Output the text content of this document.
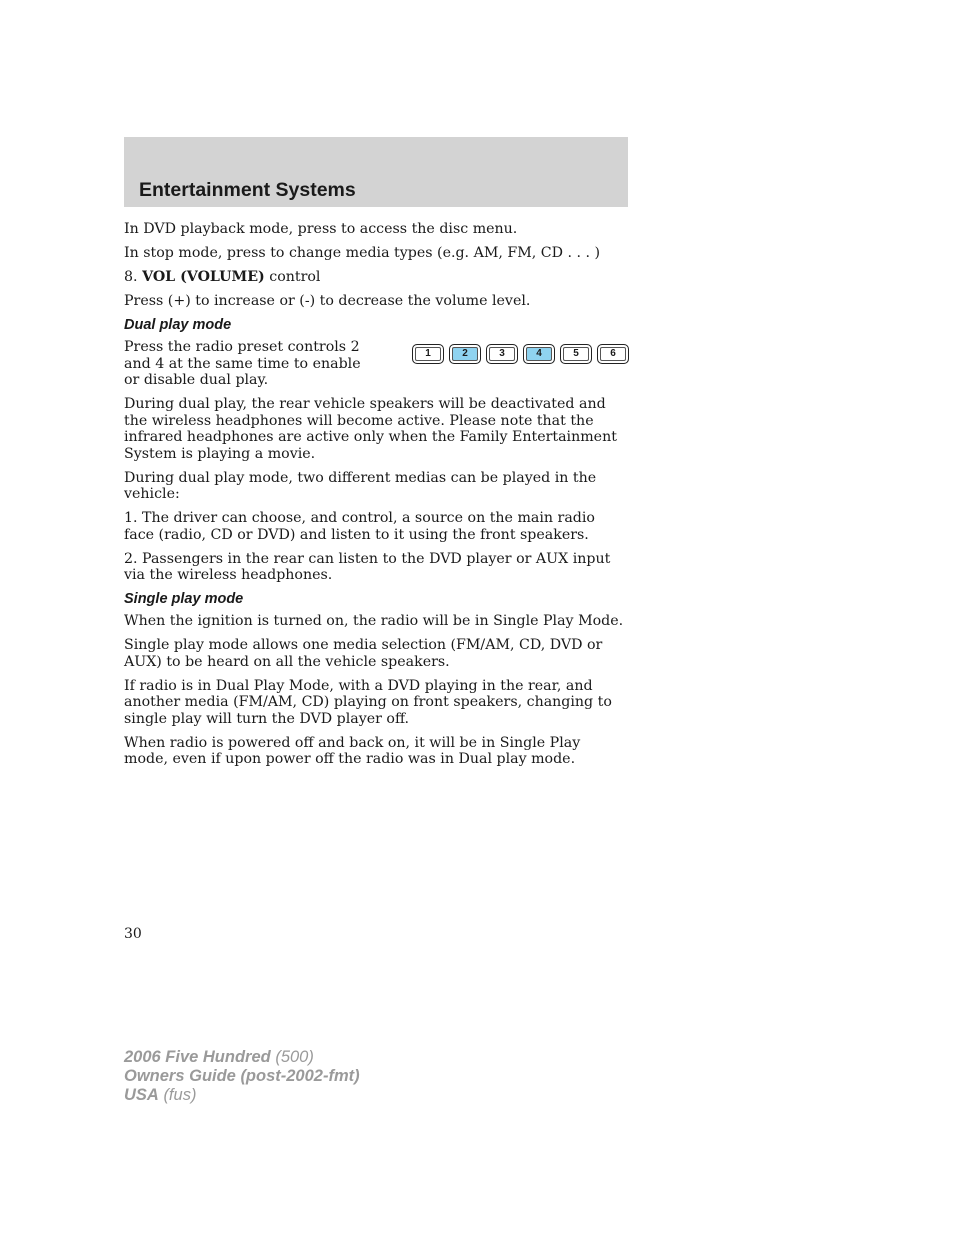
Entertainment Systems

In DVD playback mode, press to access the disc menu.

In stop mode, press to change media types (e.g. AM, FM, CD . . . )

8. VOL (VOLUME) control

Press (+) to increase or (-) to decrease the volume level.

Dual play mode

Press the radio preset controls 2 and 4 at the same time to enable or disable dual play.

1	2	3	4	5	6

During dual play, the rear vehicle speakers will be deactivated and the wireless headphones will become active. Please note that the infrared headphones are active only when the Family Entertainment System is playing a movie.

During dual play mode, two different medias can be played in the vehicle:

1. The driver can choose, and control, a source on the main radio face (radio, CD or DVD) and listen to it using the front speakers.

2. Passengers in the rear can listen to the DVD player or AUX input via the wireless headphones.

Single play mode

When the ignition is turned on, the radio will be in Single Play Mode.

Single play mode allows one media selection (FM/AM, CD, DVD or AUX) to be heard on all the vehicle speakers.

If radio is in Dual Play Mode, with a DVD playing in the rear, and another media (FM/AM, CD) playing on front speakers, changing to single play will turn the DVD player off.

When radio is powered off and back on, it will be in Single Play mode, even if upon power off the radio was in Dual play mode.

30
2006 Five Hundred (500)
Owners Guide (post-2002-fmt)
USA (fus)
